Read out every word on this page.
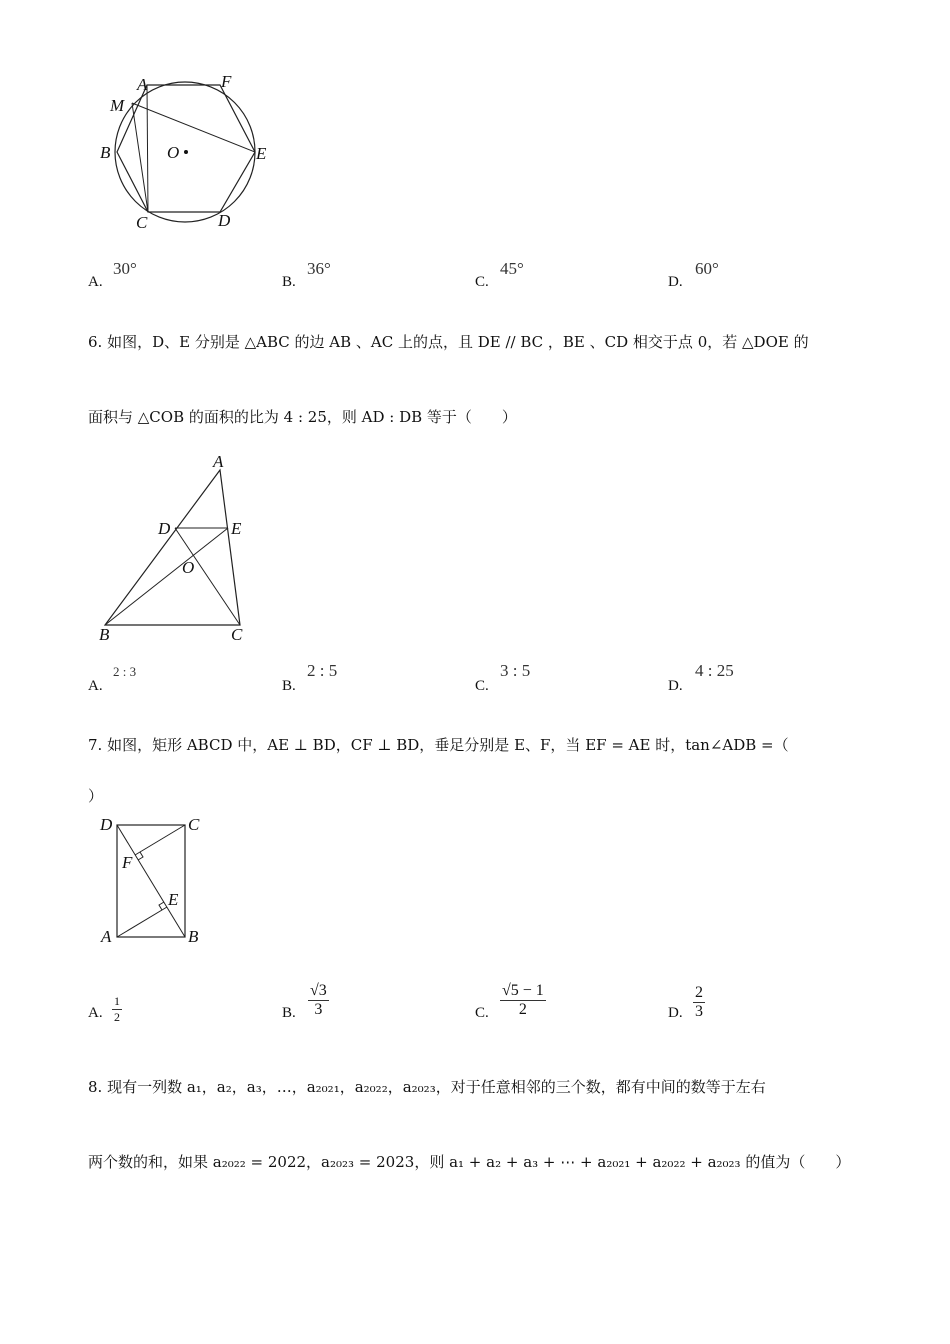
A	F
M
B	O	E
C	D
A.
30°
B.
36°
C.
45°
D.
60°
6. 如图，D、E 分别是 △ABC 的边 AB 、AC 上的点，且 DE // BC ，BE 、CD 相交于点 0，若 △DOE 的
面积与 △COB 的面积的比为 4 : 25，则 AD : DB 等于（　　）
A
D	E
O
B	C
A.
2 : 3
B.
2 : 5
C.
3 : 5
D.
4 : 25
7. 如图，矩形 ABCD 中，AE ⊥ BD，CF ⊥ BD，垂足分别是 E、F，当 EF = AE 时，tan∠ADB =（
）
D	C
F
E
A	B
A. $\frac{1}{2}$	B. $\frac{√3}{3}$	C. $\frac{√5 - 1}{2}$	D. $\frac{2}{3}$
8. 现有一列数 a₁，a₂，a₃，…，a₂₀₂₁，a₂₀₂₂，a₂₀₂₃，对于任意相邻的三个数，都有中间的数等于左右
两个数的和，如果 a₂₀₂₂ = 2022，a₂₀₂₃ = 2023，则 a₁ + a₂ + a₃ + ⋯ + a₂₀₂₁ + a₂₀₂₂ + a₂₀₂₃ 的值为（　　）
